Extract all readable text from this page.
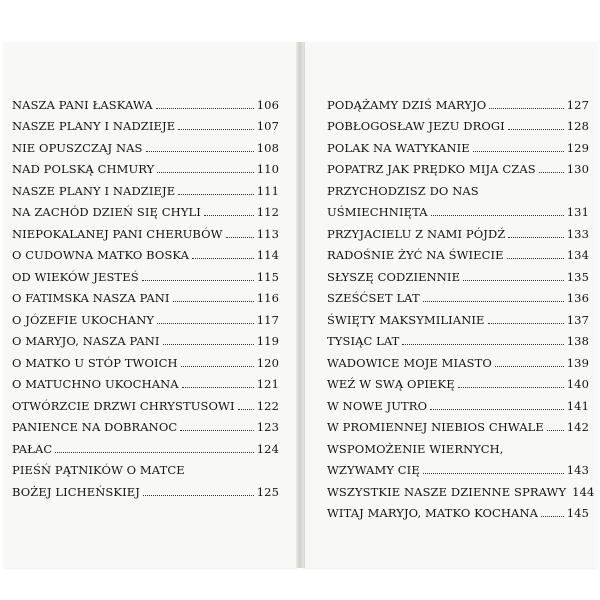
NASZA PANI ŁASKAWA	106
NASZE PLANY I NADZIEJE	107
NIE OPUSZCZAJ NAS	108
NAD POLSKĄ CHMURY	110
NASZE PLANY I NADZIEJE	111
NA ZACHÓD DZIEŃ SIĘ CHYLI	112
NIEPOKALANEJ PANI CHERUBÓW	113
O CUDOWNA MATKO BOSKA	114
OD WIEKÓW JESTEŚ	115
O FATIMSKA NASZA PANI	116
O JÓZEFIE UKOCHANY	117
O MARYJO, NASZA PANI	119
O MATKO U STÓP TWOICH	120
O MATUCHNO UKOCHANA	121
OTWÓRZCIE DRZWI CHRYSTUSOWI 122
PANIENCE NA DOBRANOC	123
PAŁAC	124
PIEŚŃ PĄTNIKÓW O MATCE
BOŻEJ LICHEŃSKIEJ	125
PODĄŻAMY DZIŚ MARYJO	127
POBŁOGOSŁAW JEZU DROGI	128
POLAK NA WATYKANIE	129
POPATRZ JAK PRĘDKO MIJA CZAS	130
PRZYCHODZISZ DO NAS
UŚMIECHNIĘTA	131
PRZYJACIELU Z NAMI PÓJDŹ	133
RADOŚNIE ŻYĆ NA ŚWIECIE	134
SŁYSZĘ CODZIENNIE	135
SZEŚĆSET LAT	136
ŚWIĘTY MAKSYMILIANIE	137
TYSIĄC LAT	138
WADOWICE MOJE MIASTO	139
WEŹ W SWĄ OPIEKĘ	140
W NOWE JUTRO	141
W PROMIENNEJ NIEBIOS CHWALE 142
WSPOMOŻENIE WIERNYCH,
WZYWAMY CIĘ	143
WSZYSTKIE NASZE DZIENNE SPRAWY 144
WITAJ MARYJO, MATKO KOCHANA 145
